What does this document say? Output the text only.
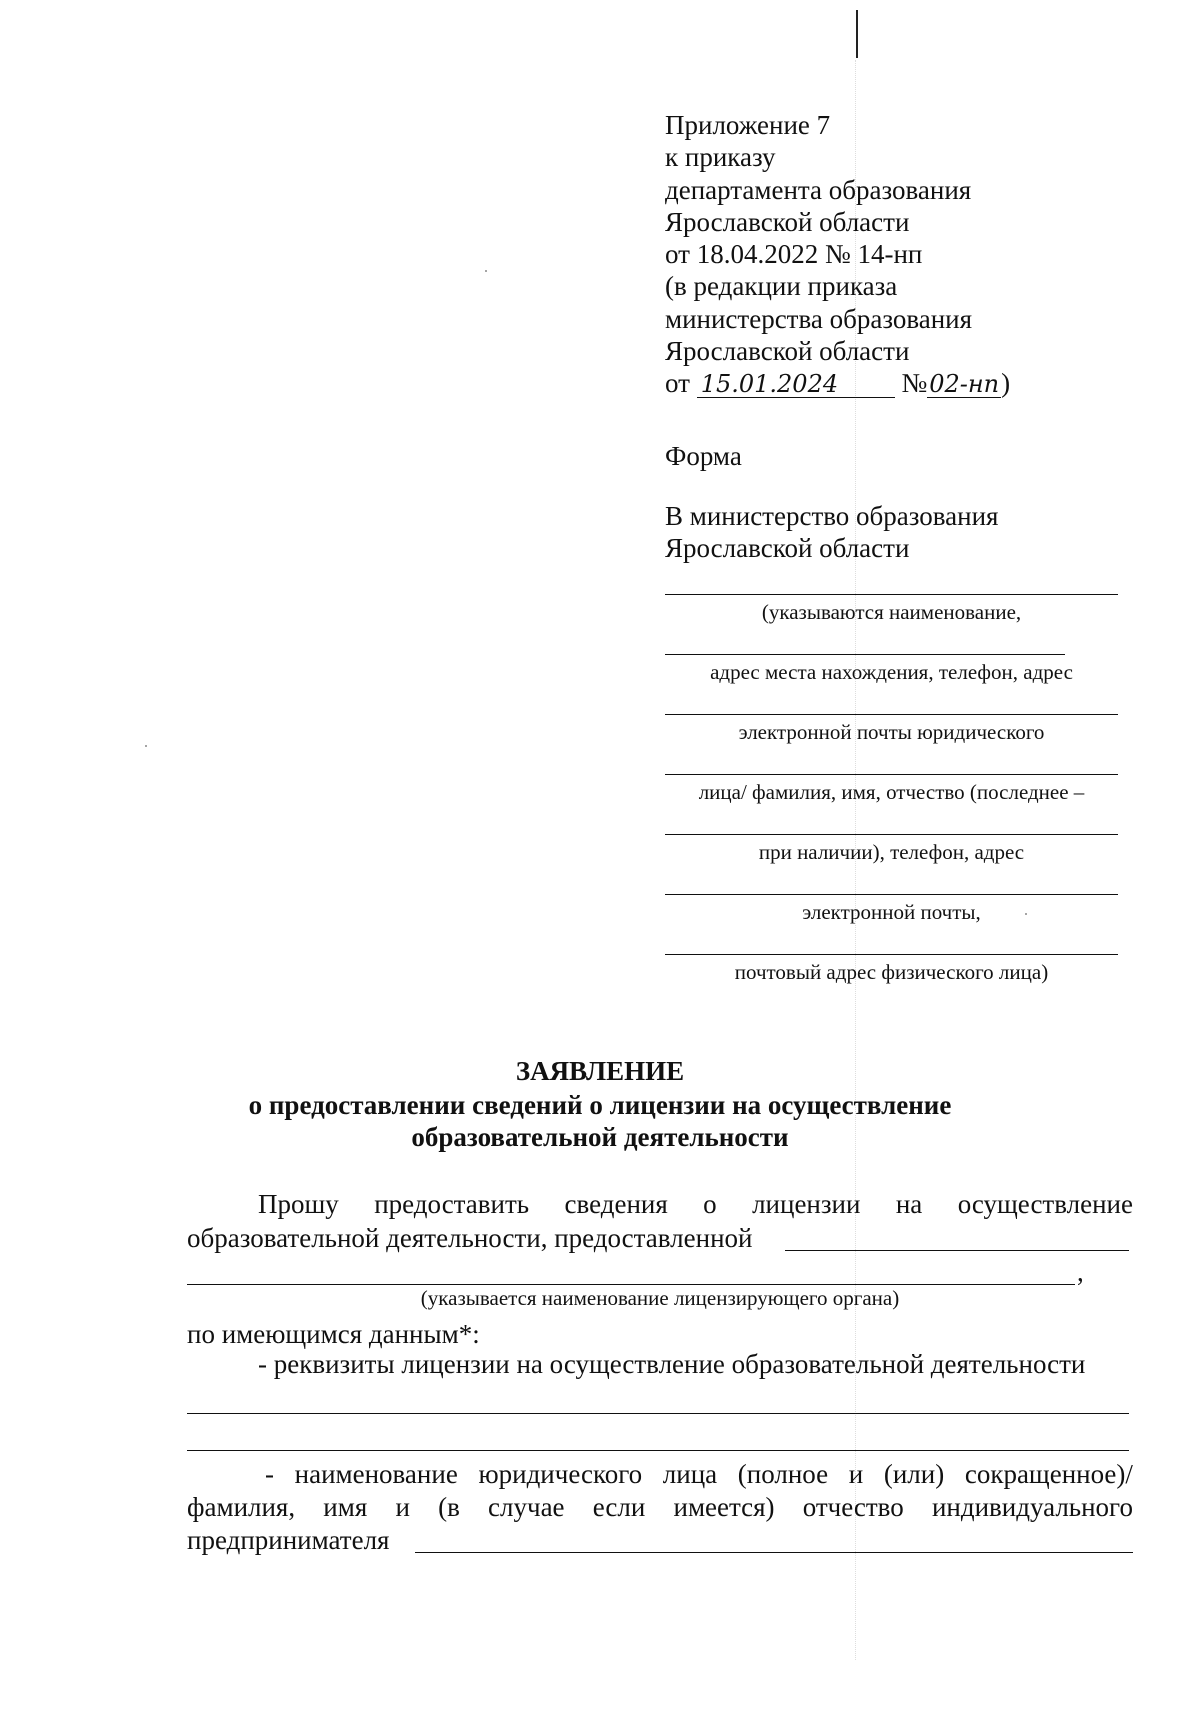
Приложение 7
к приказу
департамента образования
Ярославской области
от 18.04.2022 № 14-нп
(в редакции приказа
министерства образования
Ярославской области
от 15.01.2024 №02-нп)
Форма
В министерство образования
Ярославской области
(указываются наименование,
адрес места нахождения, телефон, адрес
электронной почты юридического
лица/ фамилия, имя, отчество (последнее –
при наличии), телефон, адрес
электронной почты,
почтовый адрес физического лица)
ЗАЯВЛЕНИЕ
о предоставлении сведений о лицензии на осуществление
образовательной деятельности
Прошу предоставить сведения о лицензии на осуществление
образовательной деятельности, предоставленной
,
(указывается наименование лицензирующего органа)
по имеющимся данным*:
- реквизиты лицензии на осуществление образовательной деятельности
- наименование юридического лица (полное и (или) сокращенное)/
фамилия, имя и (в случае если имеется) отчество индивидуального
предпринимателя
